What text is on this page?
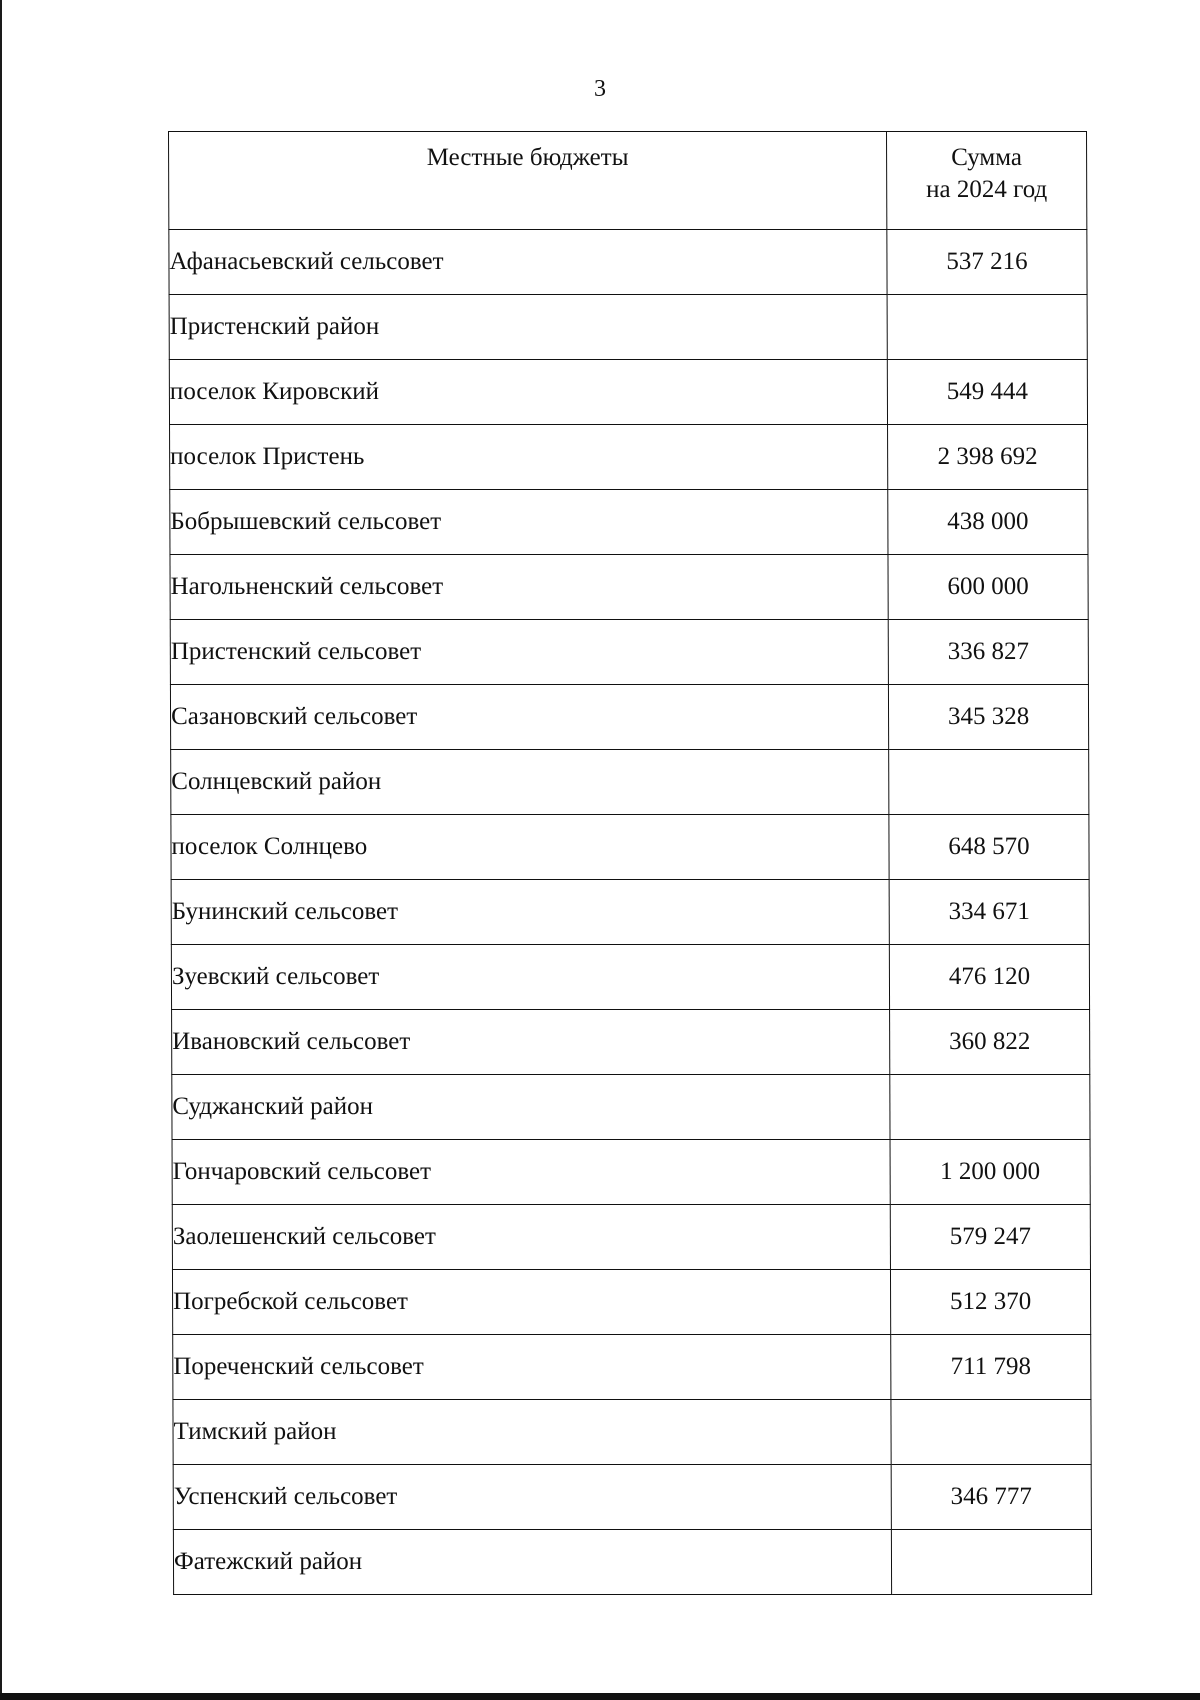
3
Местные бюджеты	Сумма
на 2024 год

Афанасьевский сельсовет	537 216
Пристенский район	
поселок Кировский	549 444
поселок Пристень	2 398 692
Бобрышевский сельсовет	438 000
Нагольненский сельсовет	600 000
Пристенский сельсовет	336 827
Сазановский сельсовет	345 328
Солнцевский район	
поселок Солнцево	648 570
Бунинский сельсовет	334 671
Зуевский сельсовет	476 120
Ивановский сельсовет	360 822
Суджанский район	
Гончаровский сельсовет	1 200 000
Заолешенский сельсовет	579 247
Погребской сельсовет	512 370
Пореченский сельсовет	711 798
Тимский район	
Успенский сельсовет	346 777
Фатежский район	
